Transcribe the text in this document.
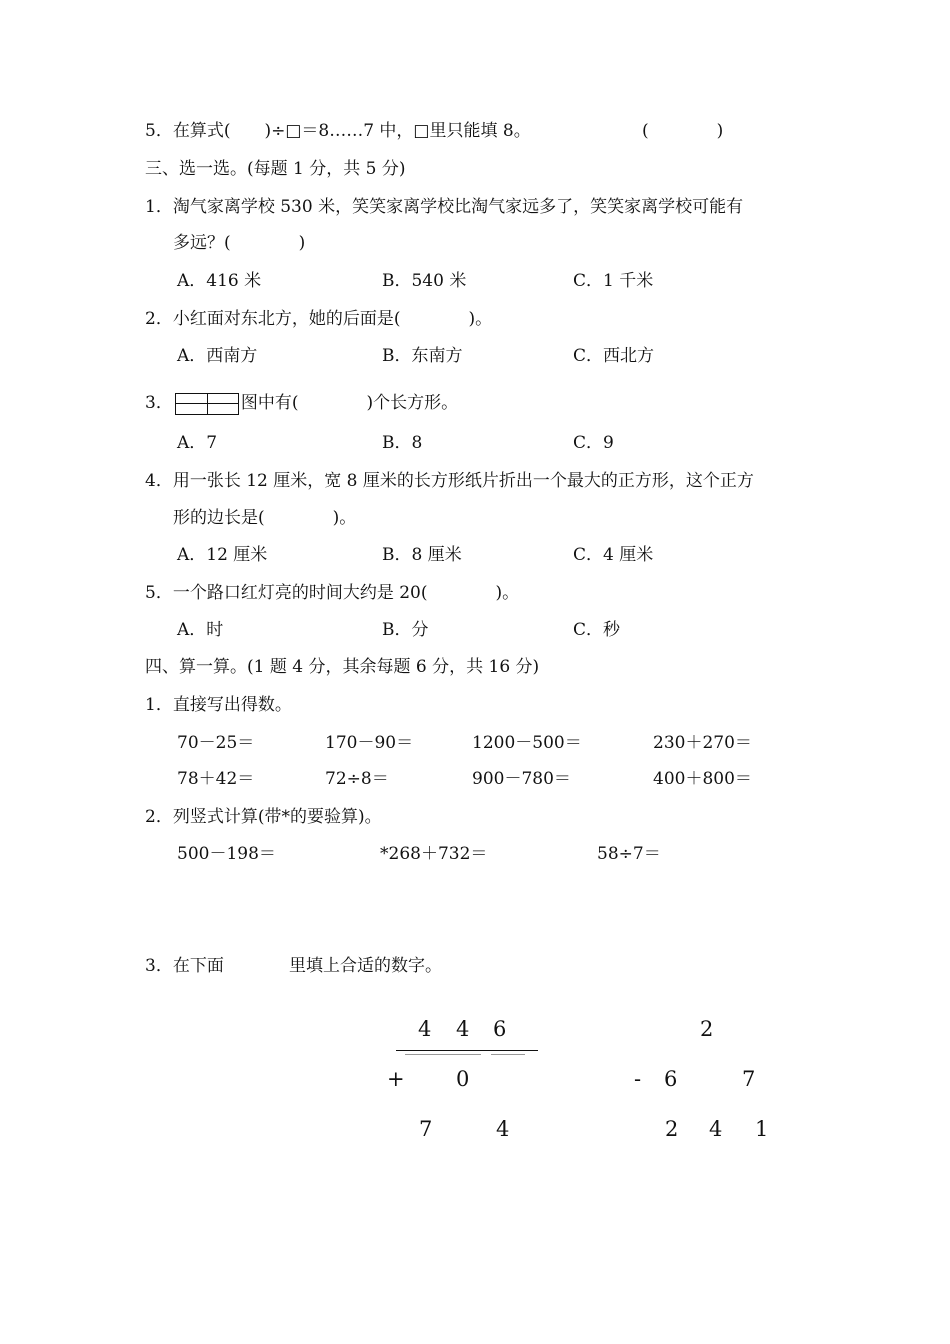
5．在算式(　　)÷□＝8……7 中，□里只能填 8。	(　　　　)
三、选一选。(每题 1 分，共 5 分)
1．淘气家离学校 530 米，笑笑家离学校比淘气家远多了，笑笑家离学校可能有
多远？(　　　　)
A．416 米	B．540 米	C．1 千米
2．小红面对东北方，她的后面是(　　　　)。
A．西南方	B．东南方	C．西北方
3．	图中有(　　　　)个长方形。
A．7	B．8	C．9
4．用一张长 12 厘米，宽 8 厘米的长方形纸片折出一个最大的正方形，这个正方
形的边长是(　　　　)。
A．12 厘米	B．8 厘米	C．4 厘米
5．一个路口红灯亮的时间大约是 20(　　　　)。
A．时	B．分	C．秒
四、算一算。(1 题 4 分，其余每题 6 分，共 16 分)
1．直接写出得数。
70－25＝	170－90＝	1200－500＝	230＋270＝
78＋42＝	72÷8＝	900－780＝	400＋800＝
2．列竖式计算(带*的要验算)。
500－198＝	*268＋732＝	58÷7＝
3．在下面	里填上合适的数字。
4 4 6
+ 0
7	4
2
- 6	7
2 4 1
